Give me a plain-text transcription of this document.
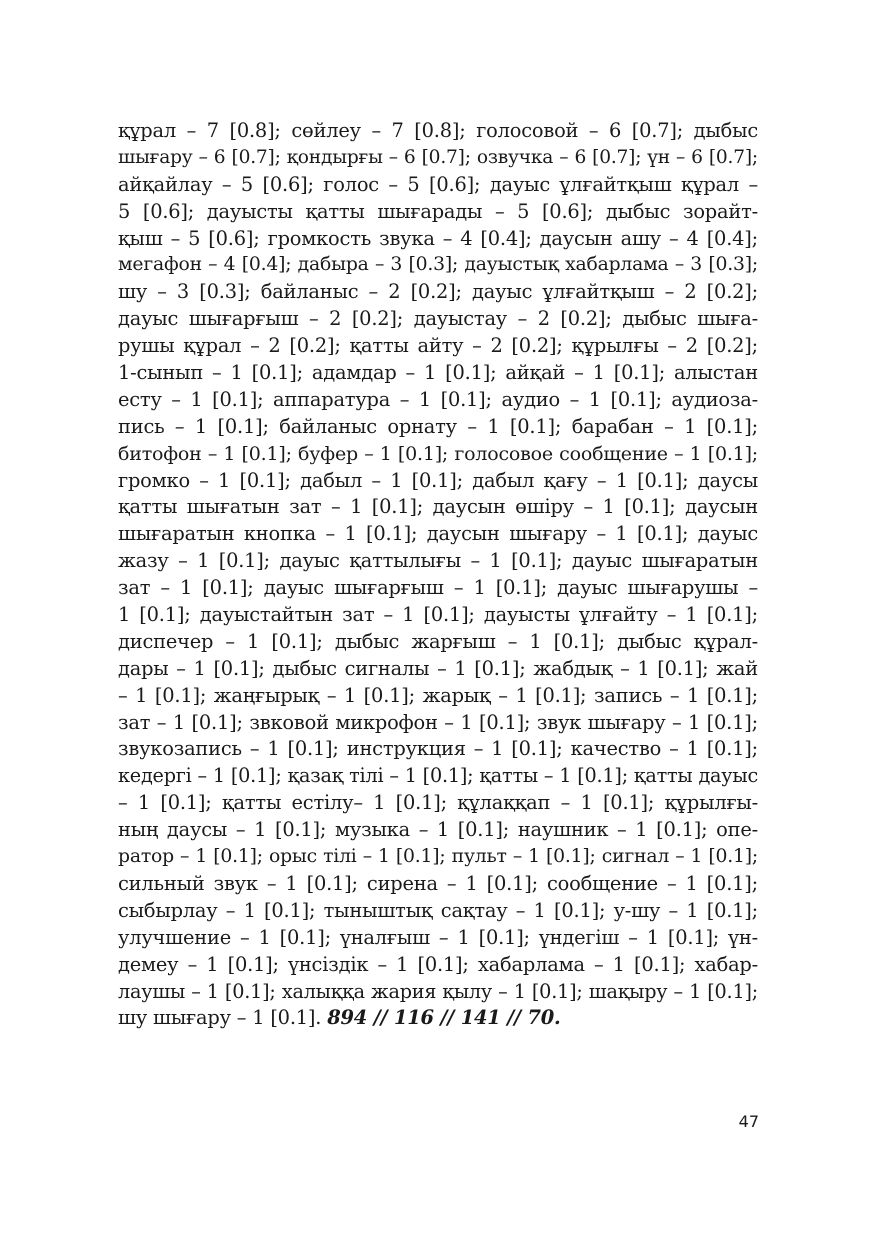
құрал – 7 [0.8]; сөйлеу – 7 [0.8]; голосовой – 6 [0.7]; дыбыс
шығару – 6 [0.7]; қондырғы – 6 [0.7]; озвучка – 6 [0.7]; үн – 6 [0.7];
айқайлау – 5 [0.6]; голос – 5 [0.6]; дауыс ұлғайтқыш құрал –
5 [0.6]; дауысты қатты шығарады – 5 [0.6]; дыбыс зорайт-
қыш – 5 [0.6]; громкость звука – 4 [0.4]; даусын ашу – 4 [0.4];
мегафон – 4 [0.4]; дабыра – 3 [0.3]; дауыстық хабарлама – 3 [0.3];
шу – 3 [0.3]; байланыс – 2 [0.2]; дауыс ұлғайтқыш – 2 [0.2];
дауыс шығарғыш – 2 [0.2]; дауыстау – 2 [0.2]; дыбыс шыға-
рушы құрал – 2 [0.2]; қатты айту – 2 [0.2]; құрылғы – 2 [0.2];
1-сынып – 1 [0.1]; адамдар – 1 [0.1]; айқай – 1 [0.1]; алыстан
есту – 1 [0.1]; аппаратура – 1 [0.1]; аудио – 1 [0.1]; аудиоза-
пись – 1 [0.1]; байланыс орнату – 1 [0.1]; барабан – 1 [0.1];
битофон – 1 [0.1]; буфер – 1 [0.1]; голосовое сообщение – 1 [0.1];
громко – 1 [0.1]; дабыл – 1 [0.1]; дабыл қағу – 1 [0.1]; даусы
қатты шығатын зат – 1 [0.1]; даусын өшіру – 1 [0.1]; даусын
шығаратын кнопка – 1 [0.1]; даусын шығару – 1 [0.1]; дауыс
жазу – 1 [0.1]; дауыс қаттылығы – 1 [0.1]; дауыс шығаратын
зат – 1 [0.1]; дауыс шығарғыш – 1 [0.1]; дауыс шығарушы –
1 [0.1]; дауыстайтын зат – 1 [0.1]; дауысты ұлғайту – 1 [0.1];
диспечер – 1 [0.1]; дыбыс жарғыш – 1 [0.1]; дыбыс құрал-
дары – 1 [0.1]; дыбыс сигналы – 1 [0.1]; жабдық – 1 [0.1]; жай
– 1 [0.1]; жаңғырық – 1 [0.1]; жарық – 1 [0.1]; запись – 1 [0.1];
зат – 1 [0.1]; звковой микрофон – 1 [0.1]; звук шығару – 1 [0.1];
звукозапись – 1 [0.1]; инструкция – 1 [0.1]; качество – 1 [0.1];
кедергі – 1 [0.1]; қазақ тілі – 1 [0.1]; қатты – 1 [0.1]; қатты дауыс
– 1 [0.1]; қатты естілу– 1 [0.1]; құлаққап – 1 [0.1]; құрылғы-
ның даусы – 1 [0.1]; музыка – 1 [0.1]; наушник – 1 [0.1]; опе-
ратор – 1 [0.1]; орыс тілі – 1 [0.1]; пульт – 1 [0.1]; сигнал – 1 [0.1];
сильный звук – 1 [0.1]; сирена – 1 [0.1]; сообщение – 1 [0.1];
сыбырлау – 1 [0.1]; тыныштық сақтау – 1 [0.1]; у-шу – 1 [0.1];
улучшение – 1 [0.1]; үналғыш – 1 [0.1]; үндегіш – 1 [0.1]; үн-
демеу – 1 [0.1]; үнсіздік – 1 [0.1]; хабарлама – 1 [0.1]; хабар-
лаушы – 1 [0.1]; халыққа жария қылу – 1 [0.1]; шақыру – 1 [0.1];
шу шығару – 1 [0.1]. 894 // 116 // 141 // 70.
47
